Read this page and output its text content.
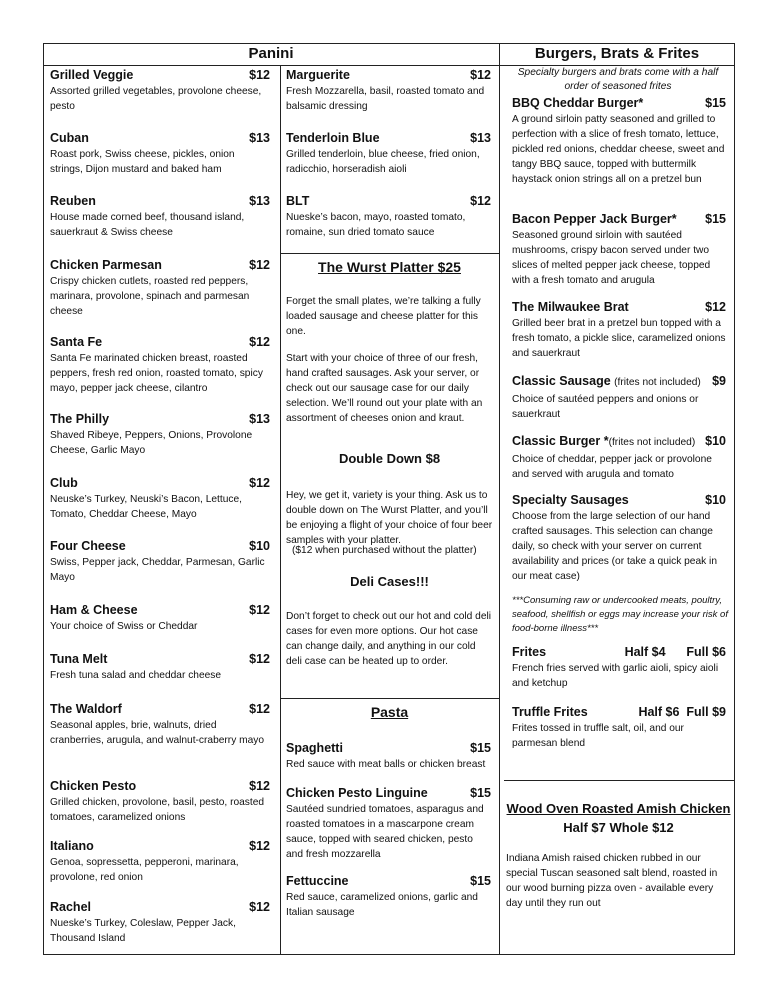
Panini	Burgers, Brats & Frites
Grilled Veggie	$12
Assorted grilled vegetables, provolone cheese, pesto
Cuban	$13
Roast pork, Swiss cheese, pickles, onion strings, Dijon mustard and baked ham
Reuben	$13
House made corned beef, thousand island, sauerkraut & Swiss cheese
Chicken Parmesan	$12
Crispy chicken cutlets, roasted red peppers, marinara, provolone, spinach and parmesan cheese
Santa Fe	$12
Santa Fe marinated chicken breast, roasted peppers, fresh red onion, roasted tomato, spicy mayo, pepper jack cheese, cilantro
The Philly	$13
Shaved Ribeye, Peppers, Onions, Provolone Cheese, Garlic Mayo
Club	$12
Neuske’s Turkey, Neuski’s Bacon, Lettuce, Tomato, Cheddar Cheese, Mayo
Four Cheese	$10
Swiss, Pepper jack, Cheddar, Parmesan, Garlic Mayo
Ham & Cheese	$12
Your choice of Swiss or Cheddar
Tuna Melt	$12
Fresh tuna salad and cheddar cheese
The Waldorf	$12
Seasonal apples, brie, walnuts, dried cranberries, arugula, and walnut-craberry mayo
Chicken Pesto	$12
Grilled chicken, provolone, basil, pesto, roasted tomatoes, caramelized onions
Italiano	$12
Genoa, sopressetta, pepperoni, marinara, provolone, red onion
Rachel	$12
Nueske’s Turkey, Coleslaw, Pepper Jack, Thousand Island
Marguerite	$12
Fresh Mozzarella, basil, roasted tomato and balsamic dressing
Tenderloin Blue	$13
Grilled tenderloin, blue cheese, fried onion, radicchio, horseradish aioli
BLT	$12
Nueske’s bacon, mayo, roasted tomato, romaine, sun dried tomato sauce
The Wurst Platter $25
Forget the small plates, we’re talking a fully loaded sausage and cheese platter for this one.
Start with your choice of three of our fresh, hand crafted sausages. Ask your server, or check out our sausage case for our daily selection. We’ll round out your plate with an assortment of cheeses onion and kraut.
Double Down $8
Hey, we get it, variety is your thing. Ask us to double down on The Wurst Platter, and you’ll be enjoying a flight of your choice of four beer samples with your platter.
($12 when purchased without the platter)
Deli Cases!!!
Don’t forget to check out our hot and cold deli cases for even more options. Our hot case can change daily, and anything in our cold deli case can be heated up to order.
Pasta
Spaghetti	$15
Red sauce with meat balls or chicken breast
Chicken Pesto Linguine	$15
Sautéed sundried tomatoes, asparagus and roasted tomatoes in a mascarpone cream sauce, topped with seared chicken, pesto and fresh mozzarella
Fettuccine	$15
Red sauce, caramelized onions, garlic and Italian sausage
Specialty burgers and brats come with a half order of seasoned frites
BBQ Cheddar Burger*	$15
A ground sirloin patty seasoned and grilled to perfection with a slice of fresh tomato, lettuce, pickled red onions, cheddar cheese, sweet and tangy BBQ sauce, topped with buttermilk haystack onion strings all on a pretzel bun
Bacon Pepper Jack Burger* $15
Seasoned ground sirloin with sautéed mushrooms, crispy bacon served under two slices of melted pepper jack cheese, topped with a fresh tomato and arugula
The Milwaukee Brat	$12
Grilled beer brat in a pretzel bun topped with a fresh tomato, a pickle slice, caramelized onions and sauerkraut
Classic Sausage (frites not included) $9
Choice of sautéed peppers and onions or sauerkraut
Classic Burger *(frites not included) $10
Choice of cheddar, pepper jack or provolone and served with arugula and tomato
Specialty Sausages	$10
Choose from the large selection of our hand crafted sausages. This selection can change daily, so check with your server on current availability and prices (or take a quick peak in our meat case)
***Consuming raw or undercooked meats, poultry, seafood, shellfish or eggs may increase your risk of food-borne illness***
Frites	Half $4 Full $6
French fries served with garlic aioli, spicy aioli and ketchup
Truffle Frites	Half $6 Full $9
Frites tossed in truffle salt, oil, and our parmesan blend
Wood Oven Roasted Amish Chicken
Half $7 Whole $12
Indiana Amish raised chicken rubbed in our special Tuscan seasoned salt blend, roasted in our wood burning pizza oven - available every day until they run out
